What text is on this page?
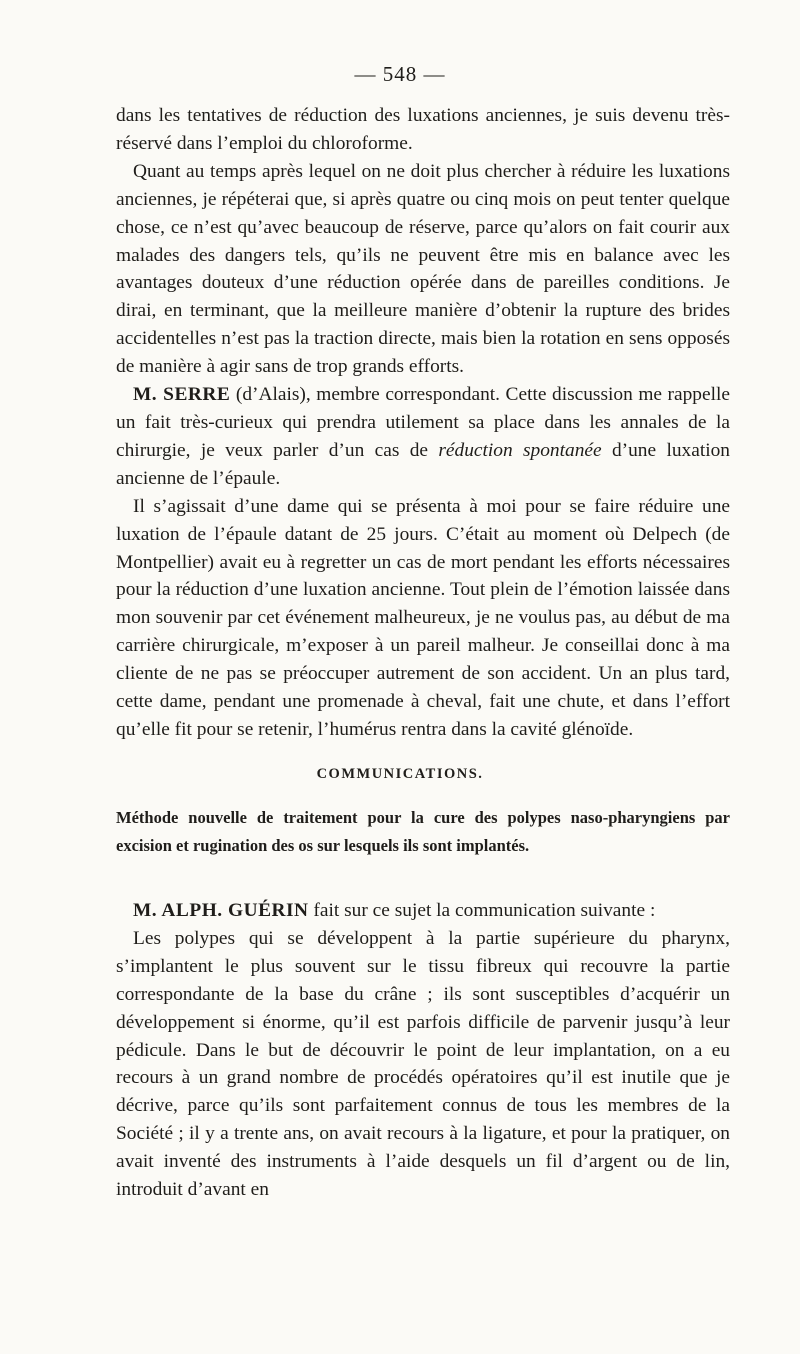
— 548 —

dans les tentatives de réduction des luxations anciennes, je suis devenu très-réservé dans l’emploi du chloroforme.

Quant au temps après lequel on ne doit plus chercher à réduire les luxations anciennes, je répéterai que, si après quatre ou cinq mois on peut tenter quelque chose, ce n’est qu’avec beaucoup de réserve, parce qu’alors on fait courir aux malades des dangers tels, qu’ils ne peuvent être mis en balance avec les avantages douteux d’une réduction opérée dans de pareilles conditions. Je dirai, en terminant, que la meilleure manière d’obtenir la rupture des brides accidentelles n’est pas la traction directe, mais bien la rotation en sens opposés de manière à agir sans de trop grands efforts.

M. SERRE (d’Alais), membre correspondant. Cette discussion me rappelle un fait très-curieux qui prendra utilement sa place dans les annales de la chirurgie, je veux parler d’un cas de réduction spontanée d’une luxation ancienne de l’épaule.

Il s’agissait d’une dame qui se présenta à moi pour se faire réduire une luxation de l’épaule datant de 25 jours. C’était au moment où Delpech (de Montpellier) avait eu à regretter un cas de mort pendant les efforts nécessaires pour la réduction d’une luxation ancienne. Tout plein de l’émotion laissée dans mon souvenir par cet événement malheureux, je ne voulus pas, au début de ma carrière chirurgicale, m’exposer à un pareil malheur. Je conseillai donc à ma cliente de ne pas se préoccuper autrement de son accident. Un an plus tard, cette dame, pendant une promenade à cheval, fait une chute, et dans l’effort qu’elle fit pour se retenir, l’humérus rentra dans la cavité glénoïde.

COMMUNICATIONS.
Méthode nouvelle de traitement pour la cure des polypes naso-pharyngiens par excision et rugination des os sur lesquels ils sont implantés.

M. ALPH. GUÉRIN fait sur ce sujet la communication suivante :

Les polypes qui se développent à la partie supérieure du pharynx, s’implantent le plus souvent sur le tissu fibreux qui recouvre la partie correspondante de la base du crâne ; ils sont susceptibles d’acquérir un développement si énorme, qu’il est parfois difficile de parvenir jusqu’à leur pédicule. Dans le but de découvrir le point de leur implantation, on a eu recours à un grand nombre de procédés opératoires qu’il est inutile que je décrive, parce qu’ils sont parfaitement connus de tous les membres de la Société ; il y a trente ans, on avait recours à la ligature, et pour la pratiquer, on avait inventé des instruments à l’aide desquels un fil d’argent ou de lin, introduit d’avant en
